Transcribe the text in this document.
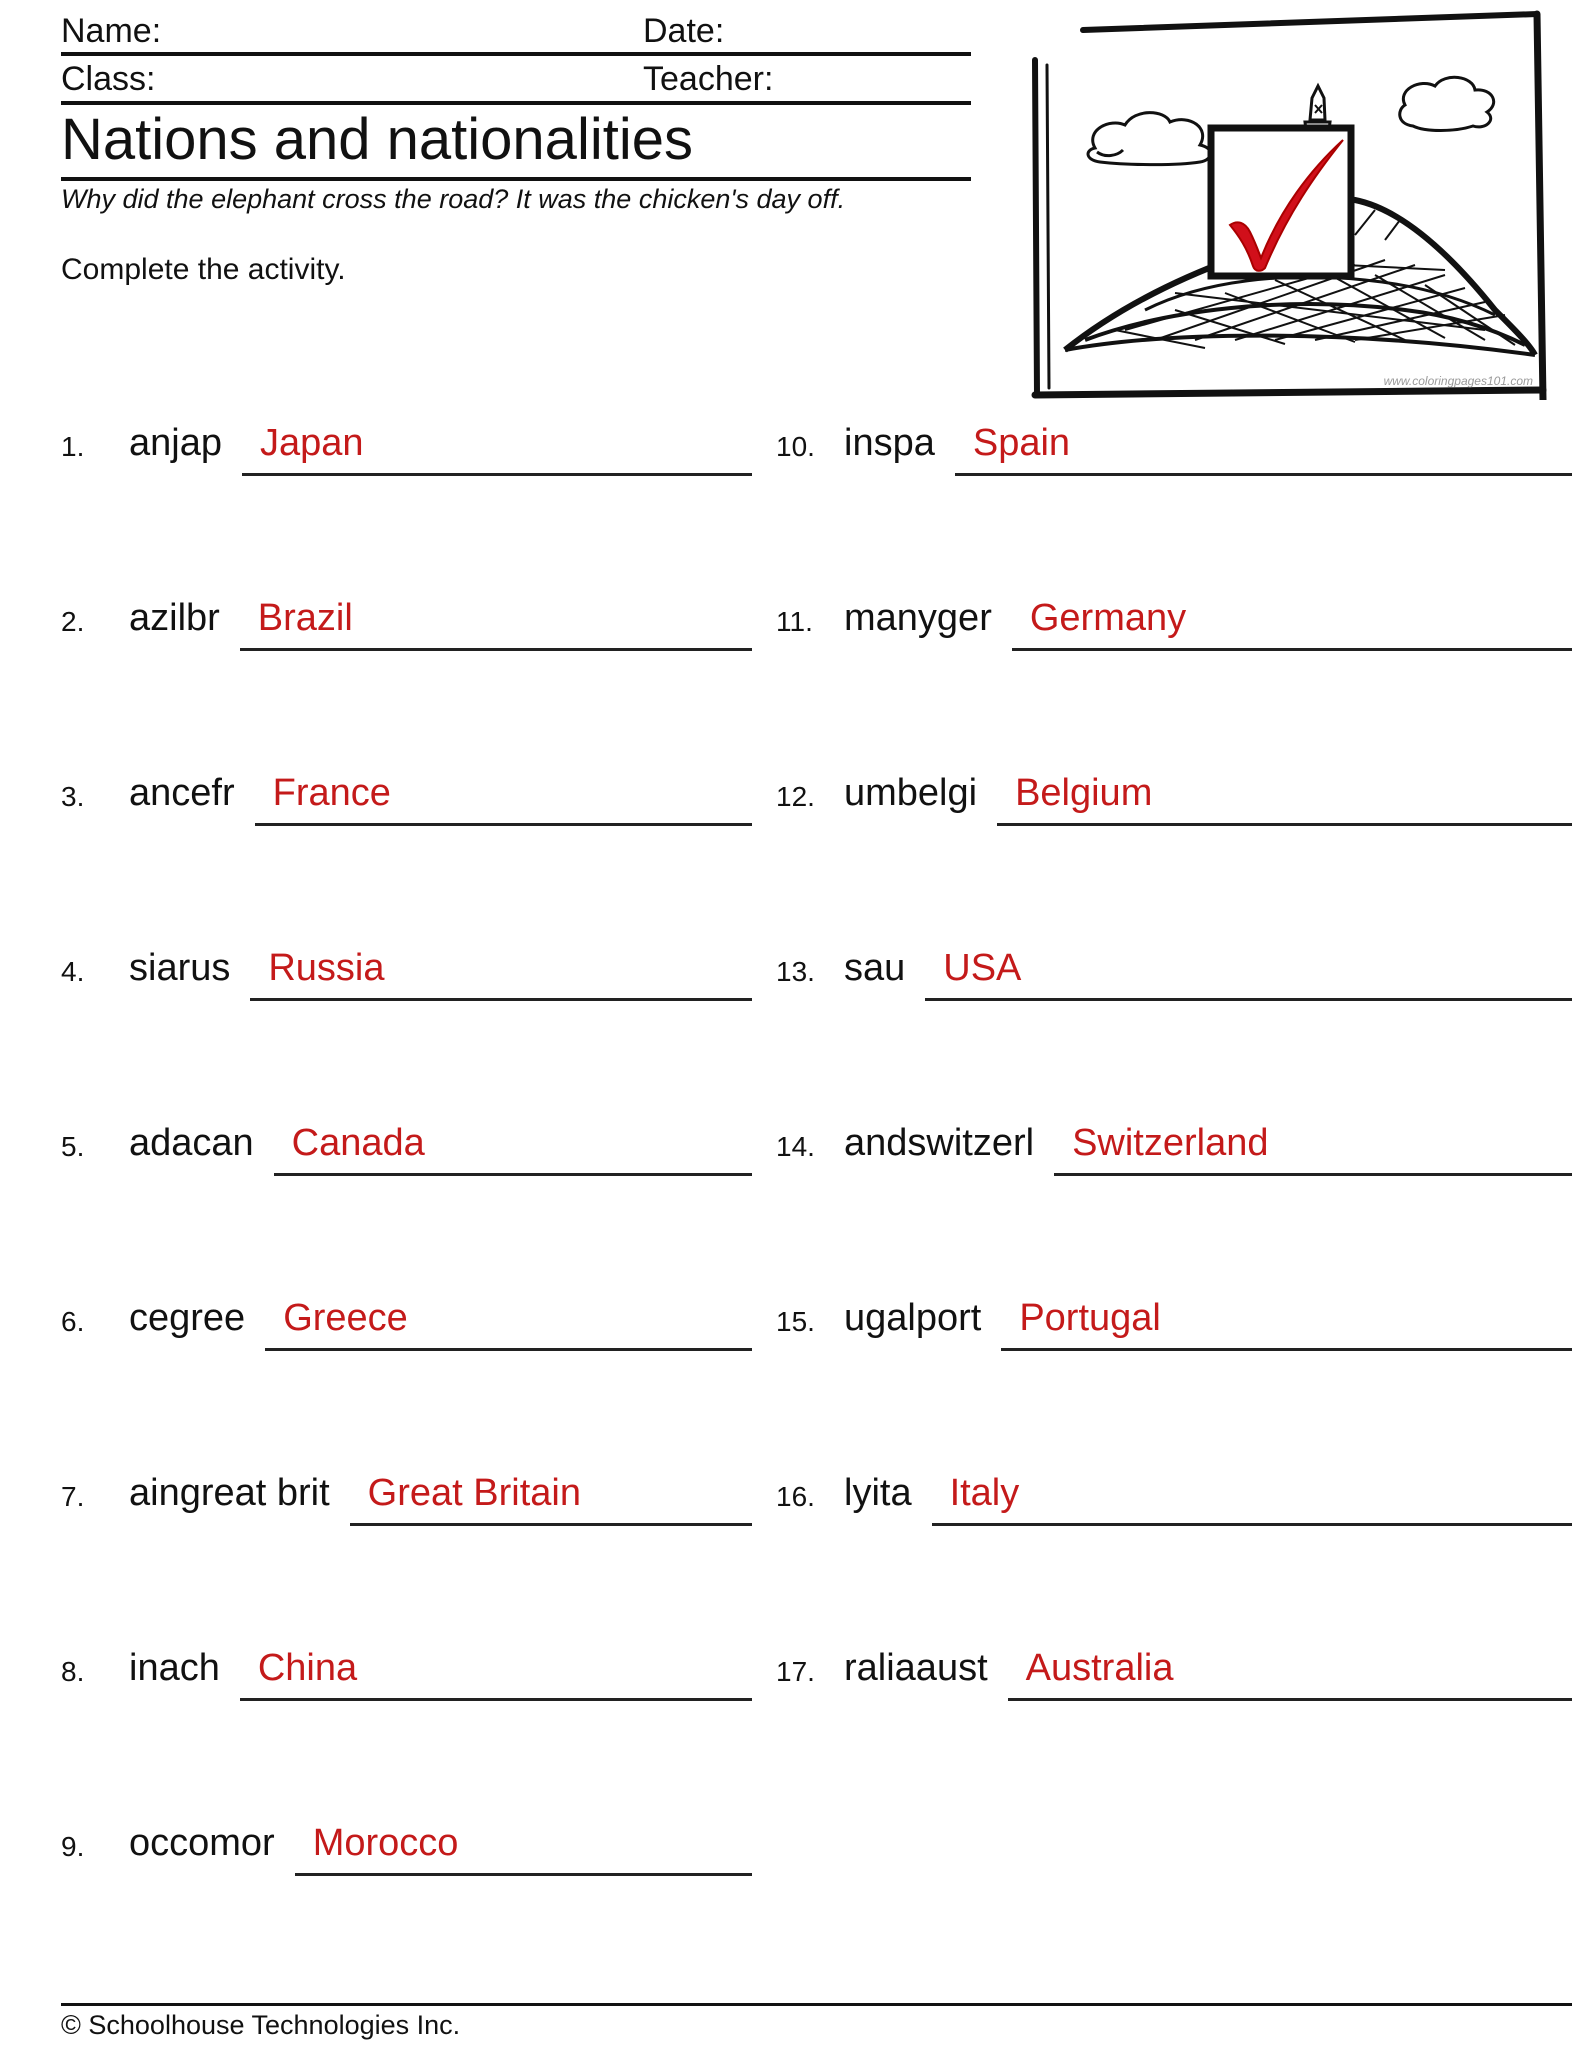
Name:	Date:
Class:	Teacher:
Nations and nationalities
Why did the elephant cross the road? It was the chicken's day off.
Complete the activity.
www.coloringpages101.com
1. anjap Japan
2. azilbr Brazil
3. ancefr France
4. siarus Russia
5. adacan Canada
6. cegree Greece
7. aingreat brit Great Britain
8. inach China
9. occomor Morocco
10. inspa Spain
11. manyger Germany
12. umbelgi Belgium
13. sau USA
14. andswitzerl Switzerland
15. ugalport Portugal
16. lyita Italy
17. raliaaust Australia
© Schoolhouse Technologies Inc.
